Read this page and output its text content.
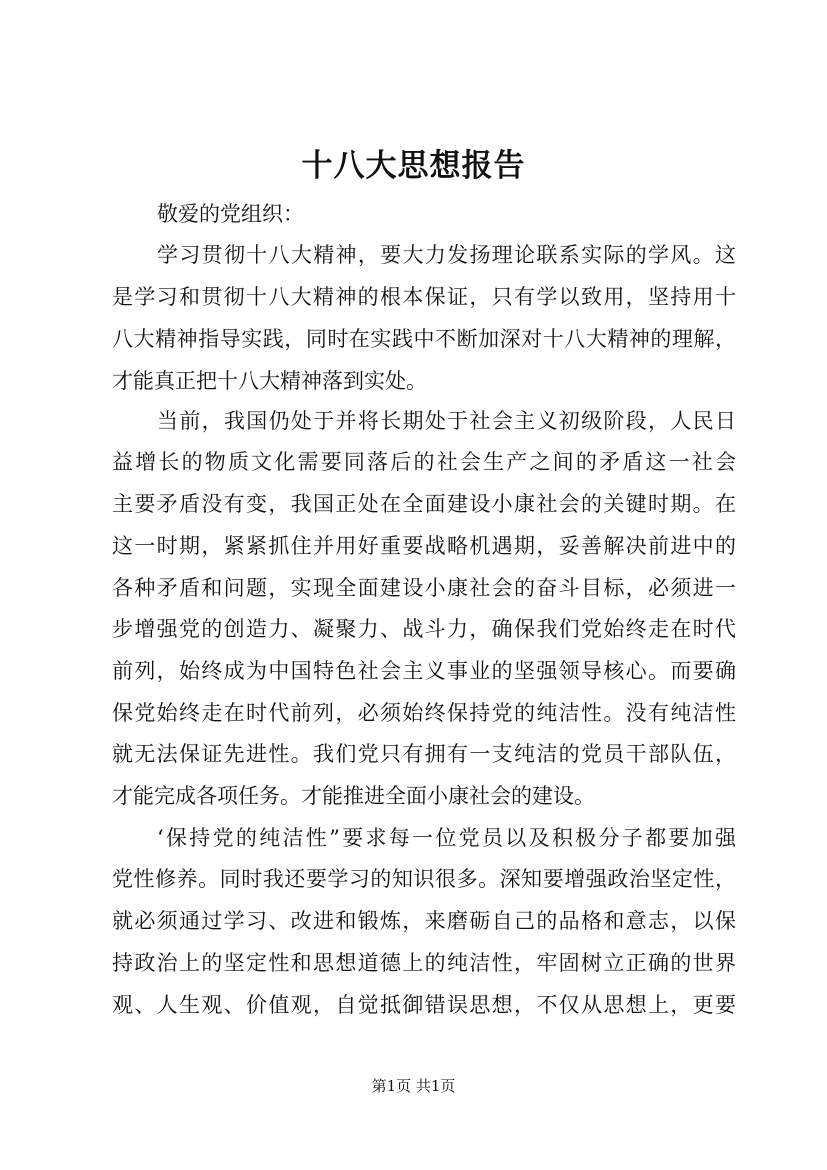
十八大思想报告

敬爱的党组织：

学习贯彻十八大精神，要大力发扬理论联系实际的学风。这
是学习和贯彻十八大精神的根本保证，只有学以致用，坚持用十
八大精神指导实践，同时在实践中不断加深对十八大精神的理解，
才能真正把十八大精神落到实处。
当前，我国仍处于并将长期处于社会主义初级阶段，人民日
益增长的物质文化需要同落后的社会生产之间的矛盾这一社会
主要矛盾没有变，我国正处在全面建设小康社会的关键时期。在
这一时期，紧紧抓住并用好重要战略机遇期，妥善解决前进中的
各种矛盾和问题，实现全面建设小康社会的奋斗目标，必须进一
步增强党的创造力、凝聚力、战斗力，确保我们党始终走在时代
前列，始终成为中国特色社会主义事业的坚强领导核心。而要确
保党始终走在时代前列，必须始终保持党的纯洁性。没有纯洁性
就无法保证先进性。我们党只有拥有一支纯洁的党员干部队伍，
才能完成各项任务。才能推进全面小康社会的建设。
‘保持党的纯洁性”要求每一位党员以及积极分子都要加强
党性修养。同时我还要学习的知识很多。深知要增强政治坚定性，
就必须通过学习、改进和锻炼，来磨砺自己的品格和意志，以保
持政治上的坚定性和思想道德上的纯洁性，牢固树立正确的世界
观、人生观、价值观，自觉抵御错误思想，不仅从思想上，更要

第1页 共1页
